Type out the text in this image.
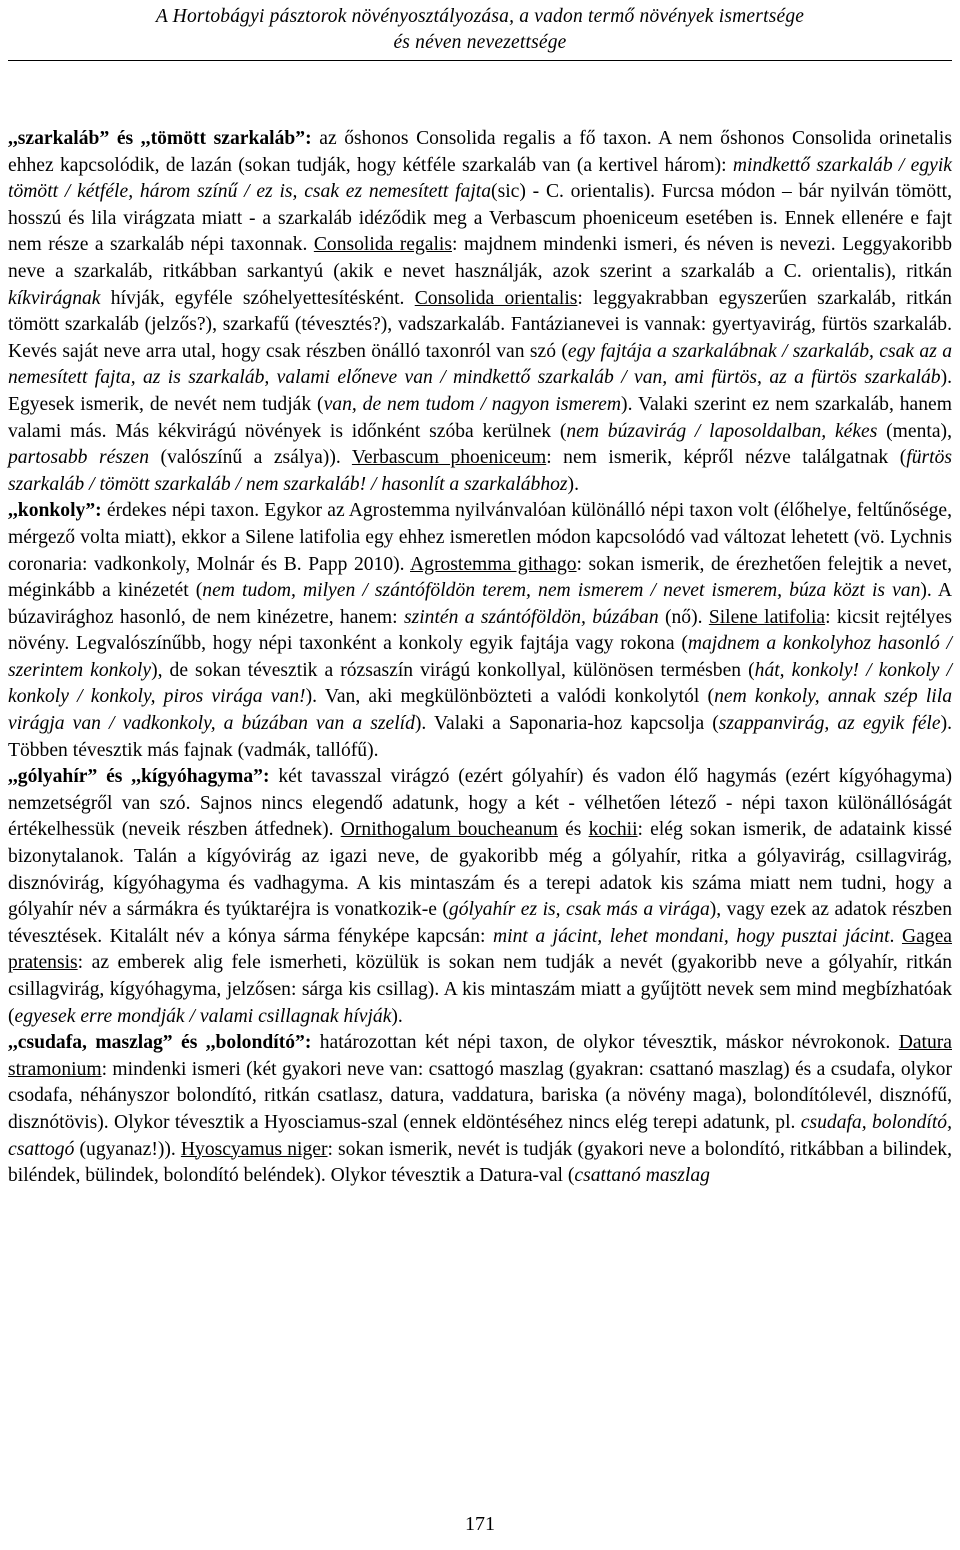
A Hortobágyi pásztorok növényosztályozása, a vadon termő növények ismertsége
és néven nevezettsége

,,szarkaláb” és ,,tömött szarkaláb”: az őshonos Consolida regalis a fő taxon. A nem őshonos Consolida orinetalis ehhez kapcsolódik, de lazán (sokan tudják, hogy kétféle szarkaláb van (a kertivel három): mindkettő szarkaláb / egyik tömött / kétféle, három színű / ez is, csak ez nemesített fajta(sic) - C. orientalis). Furcsa módon – bár nyilván tömött, hosszú és lila virágzata miatt - a szarkaláb idéződik meg a Verbascum phoeniceum esetében is. Ennek ellenére e fajt nem része a szarkaláb népi taxonnak. Consolida regalis: majdnem mindenki ismeri, és néven is nevezi. Leggyakoribb neve a szarkaláb, ritkábban sarkantyú (akik e nevet használják, azok szerint a szarkaláb a C. orientalis), ritkán kíkvirágnak hívják, egyféle szóhelyettesítésként. Consolida orientalis: leggyakrabban egyszerűen szarkaláb, ritkán tömött szarkaláb (jelzős?), szarkafű (tévesztés?), vadszarkaláb. Fantázianevei is vannak: gyertyavirág, fürtös szarkaláb. Kevés saját neve arra utal, hogy csak részben önálló taxonról van szó (egy fajtája a szarkalábnak / szarkaláb, csak az a nemesített fajta, az is szarkaláb, valami előneve van / mindkettő szarkaláb / van, ami fürtös, az a fürtös szarkaláb). Egyesek ismerik, de nevét nem tudják (van, de nem tudom / nagyon ismerem). Valaki szerint ez nem szarkaláb, hanem valami más. Más kékvirágú növények is időnként szóba kerülnek (nem búzavirág / laposoldalban, kékes (menta), partosabb részen (valószínű a zsálya)). Verbascum phoeniceum: nem ismerik, képről nézve találgatnak (fürtös szarkaláb / tömött szarkaláb / nem szarkaláb! / hasonlít a szarkalábhoz).

,,konkoly”: érdekes népi taxon. Egykor az Agrostemma nyilvánvalóan különálló népi taxon volt (élőhelye, feltűnősége, mérgező volta miatt), ekkor a Silene latifolia egy ehhez ismeretlen módon kapcsolódó vad változat lehetett (vö. Lychnis coronaria: vadkonkoly, Molnár és B. Papp 2010). Agrostemma githago: sokan ismerik, de érezhetően felejtik a nevet, méginkább a kinézetét (nem tudom, milyen / szántóföldön terem, nem ismerem / nevet ismerem, búza közt is van). A búzavirághoz hasonló, de nem kinézetre, hanem: szintén a szántóföldön, búzában (nő). Silene latifolia: kicsit rejtélyes növény. Legvalószínűbb, hogy népi taxonként a konkoly egyik fajtája vagy rokona (majdnem a konkolyhoz hasonló / szerintem konkoly), de sokan tévesztik a rózsaszín virágú konkollyal, különösen termésben (hát, konkoly! / konkoly / konkoly / konkoly, piros virága van!). Van, aki megkülönbözteti a valódi konkolytól (nem konkoly, annak szép lila virágja van / vadkonkoly, a búzában van a szelíd). Valaki a Saponaria-hoz kapcsolja (szappanvirág, az egyik féle). Többen tévesztik más fajnak (vadmák, tallófű).

,,gólyahír” és ,,kígyóhagyma”: két tavasszal virágzó (ezért gólyahír) és vadon élő hagymás (ezért kígyóhagyma) nemzetségről van szó. Sajnos nincs elegendő adatunk, hogy a két - vélhetően létező - népi taxon különállóságát értékelhessük (neveik részben átfednek). Ornithogalum boucheanum és kochii: elég sokan ismerik, de adataink kissé bizonytalanok. Talán a kígyóvirág az igazi neve, de gyakoribb még a gólyahír, ritka a gólyavirág, csillagvirág, disznóvirág, kígyóhagyma és vadhagyma. A kis mintaszám és a terepi adatok kis száma miatt nem tudni, hogy a gólyahír név a sármákra és tyúktaréjra is vonatkozik-e (gólyahír ez is, csak más a virága), vagy ezek az adatok részben tévesztések. Kitalált név a kónya sárma fényképe kapcsán: mint a jácint, lehet mondani, hogy pusztai jácint. Gagea pratensis: az emberek alig fele ismerheti, közülük is sokan nem tudják a nevét (gyakoribb neve a gólyahír, ritkán csillagvirág, kígyóhagyma, jelzősen: sárga kis csillag). A kis mintaszám miatt a gyűjtött nevek sem mind megbízhatóak (egyesek erre mondják / valami csillagnak hívják).

,,csudafa, maszlag” és ,,bolondító”: határozottan két népi taxon, de olykor tévesztik, máskor névrokonok. Datura stramonium: mindenki ismeri (két gyakori neve van: csattogó maszlag (gyakran: csattanó maszlag) és a csudafa, olykor csodafa, néhányszor bolondító, ritkán csatlasz, datura, vaddatura, bariska (a növény maga), bolondítólevél, disznófű, disznótövis). Olykor tévesztik a Hyosciamus-szal (ennek eldöntéséhez nincs elég terepi adatunk, pl. csudafa, bolondító, csattogó (ugyanaz!)). Hyoscyamus niger: sokan ismerik, nevét is tudják (gyakori neve a bolondító, ritkábban a bilindek, biléndek, bülindek, bolondító beléndek). Olykor tévesztik a Datura-val (csattanó maszlag

171
